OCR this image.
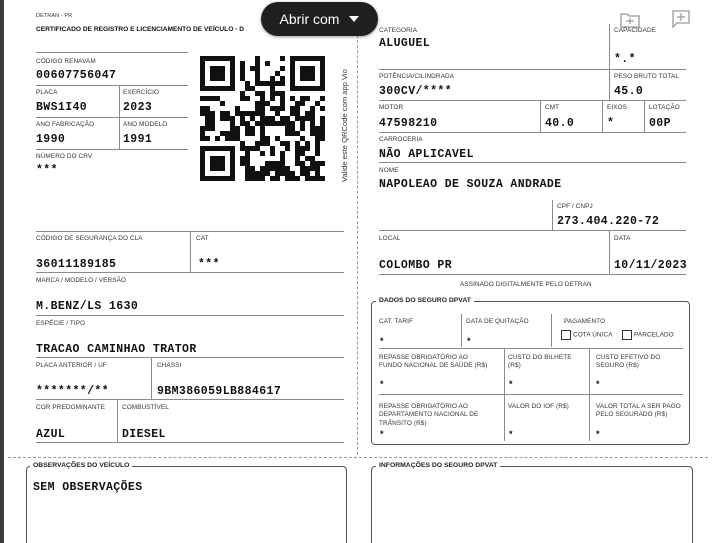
DETRAN - PR
CERTIFICADO DE REGISTRO E LICENCIAMENTO DE VEÍCULO - D
CÓDIGO RENAVAM
00607756047
PLACA
BWS1I40
EXERCÍCIO
2023
ANO FABRICAÇÃO
1990
ANO MODELO
1991
NÚMERO DO CRV
***	Valide este QRCode com app Vio
CÓDIGO DE SEGURANÇA DO CLA
36011189185
CAT
***
MARCA / MODELO / VERSÃO
M.BENZ/LS 1630
ESPÉCIE / TIPO
TRACAO CAMINHAO TRATOR
PLACA ANTERIOR / UF
*******/**
CHASSI
9BM386059LB884617
COR PREDOMINANTE
AZUL
COMBUSTÍVEL
DIESEL
CATEGORIA
ALUGUEL
CAPACIDADE
*.*
POTÊNCIA/CILINDRADA
300CV/****
PESO BRUTO TOTAL
45.0
MOTOR
47598210
CMT
40.0
EIXOS
*
LOTAÇÃO
00P
CARROCERIA
NÃO APLICAVEL
NOME
NAPOLEAO DE SOUZA ANDRADE
CPF / CNPJ
273.404.220-72
LOCAL
COLOMBO PR
DATA
10/11/2023
ASSINADO DIGITALMENTE PELO DETRAN
DADOS DO SEGURO DPVAT
CAT. TARIF
*
DATA DE QUITAÇÃO
*
PAGAMENTO
COTA ÚNICA	PARCELADO
REPASSE OBRIGATÓRIO AO FUNDO NACIONAL DE SAÚDE (R$)
*
CUSTO DO BILHETE (R$)
*
CUSTO EFETIVO DO SEGURO (R$)
*
REPASSE OBRIGATÓRIO AO DEPARTAMENTO NACIONAL DE TRÂNSITO (R$)
*
VALOR DO IOF (R$)
*
VALOR TOTAL A SER PAGO PELO SEGURADO (R$)
*
OBSERVAÇÕES DO VEÍCULO
SEM OBSERVAÇÕES
INFORMAÇÕES DO SEGURO DPVAT
Abrir com
